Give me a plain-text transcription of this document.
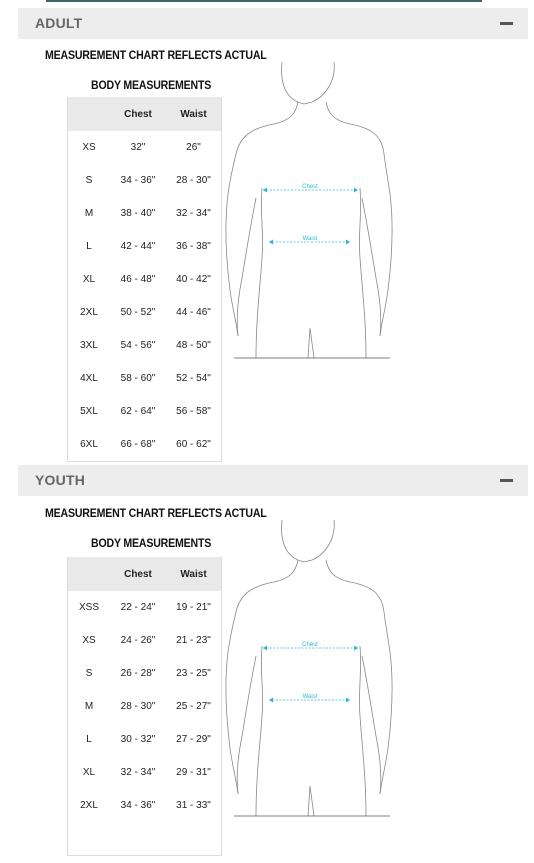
ADULT
MEASUREMENT CHART REFLECTS ACTUAL
BODY MEASUREMENTS
Chest	Waist
XS	32"	26"
S	34 - 36"	28 - 30"
M	38 - 40"	32 - 34"
L	42 - 44"	36 - 38"
XL	46 - 48"	40 - 42"
2XL	50 - 52"	44 - 46"
3XL	54 - 56"	48 - 50"
4XL	58 - 60"	52 - 54"
5XL	62 - 64"	56 - 58"
6XL	66 - 68"	60 - 62"
Chest
Waist
YOUTH
MEASUREMENT CHART REFLECTS ACTUAL
BODY MEASUREMENTS
Chest	Waist
XSS	22 - 24"	19 - 21"
XS	24 - 26"	21 - 23"
S	26 - 28"	23 - 25"
M	28 - 30"	25 - 27"
L	30 - 32"	27 - 29"
XL	32 - 34"	29 - 31"
2XL	34 - 36"	31 - 33"
Chest
Waist
